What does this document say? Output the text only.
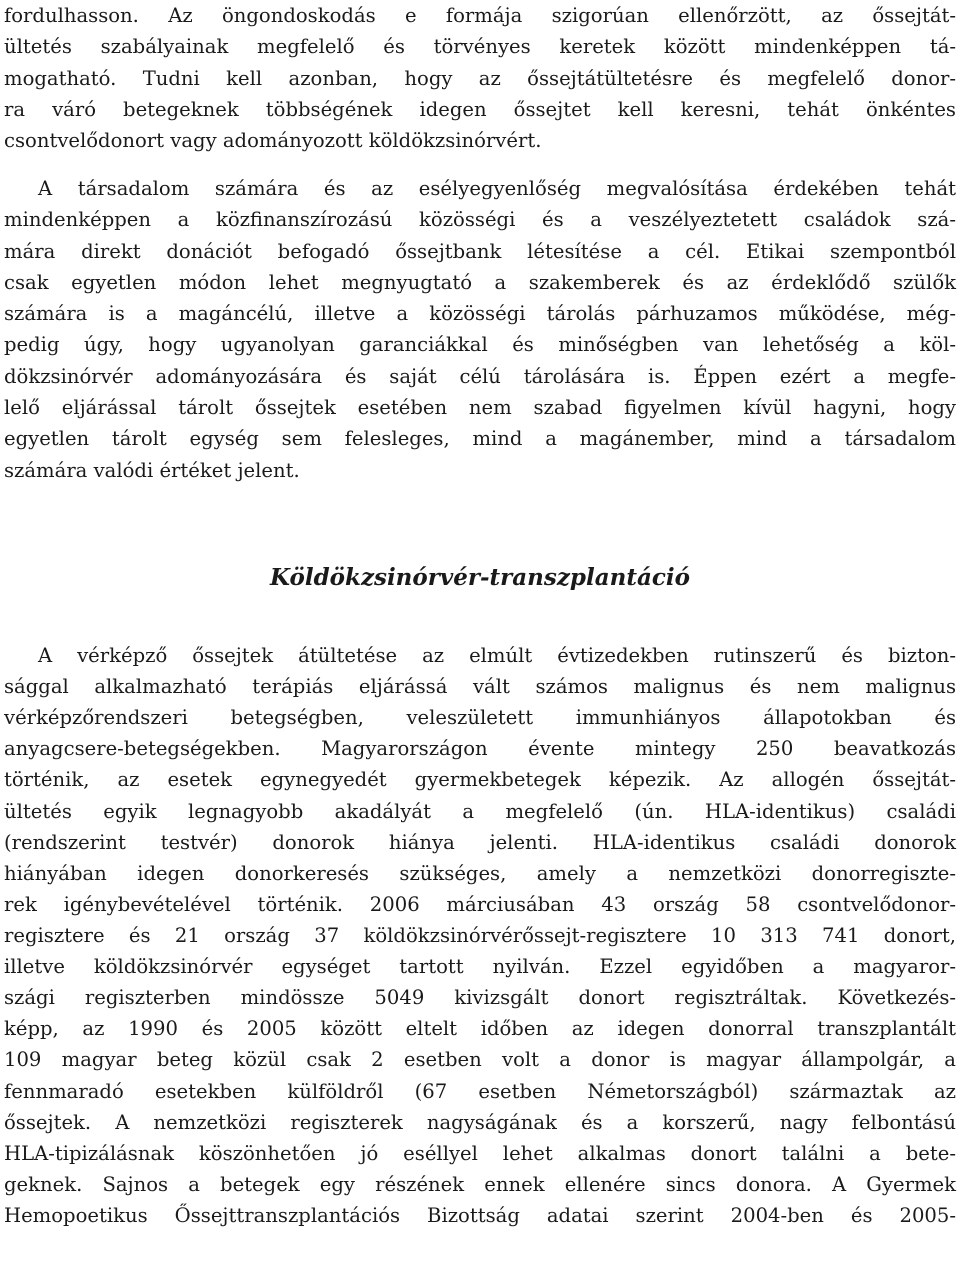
fordulhasson. Az öngondoskodás e formája szigorúan ellenőrzött, az őssejtát-
ültetés szabályainak megfelelő és törvényes keretek között mindenképpen tá-
mogatható. Tudni kell azonban, hogy az őssejtátültetésre és megfelelő donor-
ra váró betegeknek többségének idegen őssejtet kell keresni, tehát önkéntes
csontvelődonort vagy adományozott köldökzsinórvért.
A társadalom számára és az esélyegyenlőség megvalósítása érdekében tehát
mindenképpen a közfinanszírozású közösségi és a veszélyeztetett családok szá-
mára direkt donációt befogadó őssejtbank létesítése a cél. Etikai szempontból
csak egyetlen módon lehet megnyugtató a szakemberek és az érdeklődő szülők
számára is a magáncélú, illetve a közösségi tárolás párhuzamos működése, még-
pedig úgy, hogy ugyanolyan garanciákkal és minőségben van lehetőség a köl-
dökzsinórvér adományozására és saját célú tárolására is. Éppen ezért a megfe-
lelő eljárással tárolt őssejtek esetében nem szabad figyelmen kívül hagyni, hogy
egyetlen tárolt egység sem felesleges, mind a magánember, mind a társadalom
számára valódi értéket jelent.
Köldökzsinórvér-transzplantáció
A vérképző őssejtek átültetése az elmúlt évtizedekben rutinszerű és bizton-
sággal alkalmazható terápiás eljárássá vált számos malignus és nem malignus
vérképzőrendszeri betegségben, veleszületett immunhiányos állapotokban és
anyagcsere-betegségekben. Magyarországon évente mintegy 250 beavatkozás
történik, az esetek egynegyedét gyermekbetegek képezik. Az allogén őssejtát-
ültetés egyik legnagyobb akadályát a megfelelő (ún. HLA-identikus) családi
(rendszerint testvér) donorok hiánya jelenti. HLA-identikus családi donorok
hiányában idegen donorkeresés szükséges, amely a nemzetközi donorregiszte-
rek igénybevételével történik. 2006 márciusában 43 ország 58 csontvelődonor-
regisztere és 21 ország 37 köldökzsinórvérőssejt-regisztere 10 313 741 donort,
illetve köldökzsinórvér egységet tartott nyilván. Ezzel egyidőben a magyaror-
szági regiszterben mindössze 5049 kivizsgált donort regisztráltak. Következés-
képp, az 1990 és 2005 között eltelt időben az idegen donorral transzplantált
109 magyar beteg közül csak 2 esetben volt a donor is magyar állampolgár, a
fennmaradó esetekben külföldről (67 esetben Németországból) származtak az
őssejtek. A nemzetközi regiszterek nagyságának és a korszerű, nagy felbontású
HLA-tipizálásnak köszönhetően jó eséllyel lehet alkalmas donort találni a bete-
geknek. Sajnos a betegek egy részének ennek ellenére sincs donora. A Gyermek
Hemopoetikus Őssejttranszplantációs Bizottság adatai szerint 2004-ben és 2005-
